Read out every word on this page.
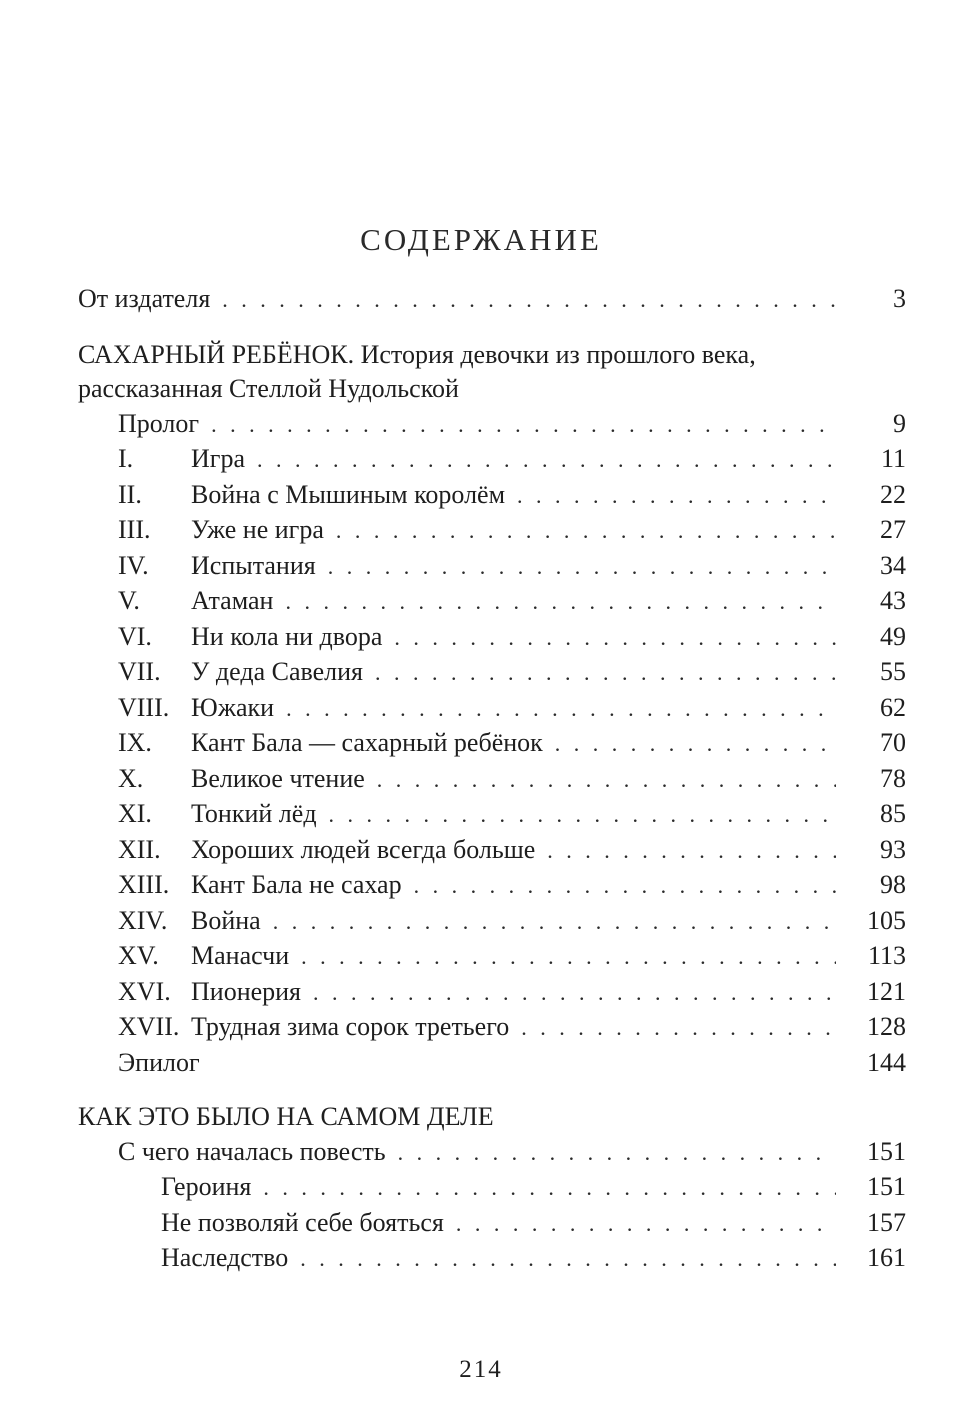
СОДЕРЖАНИЕ
От издателя . . .	3
САХАРНЫЙ РЕБЁНОК. История девочки из прошлого века,
рассказанная Стеллой Нудольской
Пролог . . .	9
I. Игра . . .	11
II. Война с Мышиным королём . . .	22
III. Уже не игра . . .	27
IV. Испытания . . .	34
V. Атаман . . .	43
VI. Ни кола ни двора . . .	49
VII. У деда Савелия . . .	55
VIII. Южаки . . .	62
IX. Кант Бала — сахарный ребёнок . . .	70
X. Великое чтение . . .	78
XI. Тонкий лёд . . .	85
XII. Хороших людей всегда больше . . .	93
XIII. Кант Бала не сахар . . .	98
XIV. Война . . .	105
XV. Манасчи . . .	113
XVI. Пионерия . . .	121
XVII. Трудная зима сорок третьего . . .	128
Эпилог	144
КАК ЭТО БЫЛО НА САМОМ ДЕЛЕ
С чего началась повесть . . .	151
Героиня . . .	151
Не позволяй себе бояться . . .	157
Наследство . . .	161
214
